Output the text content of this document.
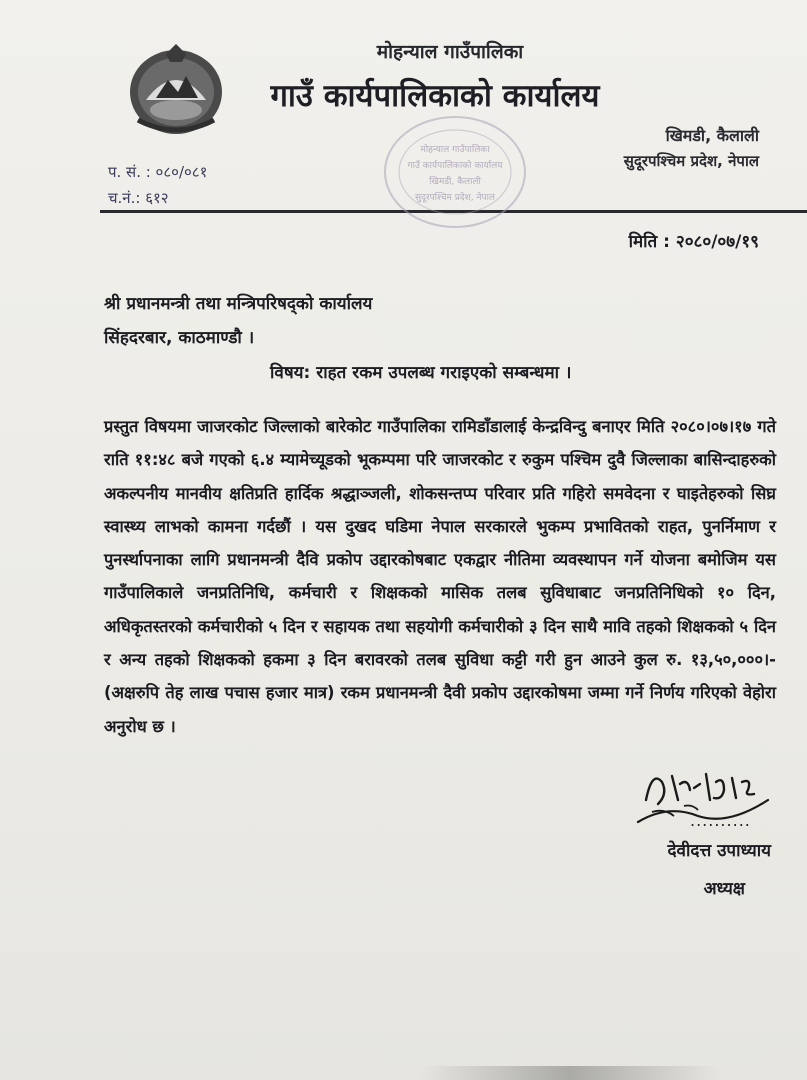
मोहन्याल गाउँपालिका
गाउँ कार्यपालिकाको कार्यालय
खिमडी, कैलाली
सुदूरपश्चिम प्रदेश, नेपाल
प. सं. : ०८०/०८१
च.नं.: ६१२
मोहन्याल गाउँपालिका
गाउँ कार्यपालिकाको कार्यालय
खिमडी, कैलाली
सुदूरपश्चिम प्रदेश, नेपाल
मिति : २०८०/०७/१९
श्री प्रधानमन्त्री तथा मन्त्रिपरिषद्को कार्यालय
सिंहदरबार, काठमाण्डौ ।
विषय: राहत रकम उपलब्ध गराइएको सम्बन्धमा ।
प्रस्तुत विषयमा जाजरकोट जिल्लाको बारेकोट गाउँपालिका रामिडाँडालाई केन्द्रविन्दु बनाएर मिति २०८०।०७।१७ गते राति ११:४८ बजे गएको ६.४ म्यामेच्यूडको भूकम्पमा परि जाजरकोट र रुकुम पश्चिम दुवै जिल्लाका बासिन्दाहरुको अकल्पनीय मानवीय क्षतिप्रति हार्दिक श्रद्धाञ्जली, शोकसन्तप्प परिवार प्रति गहिरो समवेदना र घाइतेहरुको सिघ्र स्वास्थ्य लाभको कामना गर्दछौं । यस दुखद घडिमा नेपाल सरकारले भुकम्प प्रभावितको राहत, पुनर्निमाण र पुनर्स्थापनाका लागि प्रधानमन्त्री दैवि प्रकोप उद्दारकोषबाट एकद्वार नीतिमा व्यवस्थापन गर्ने योजना बमोजिम यस गाउँपालिकाले जनप्रतिनिधि, कर्मचारी र शिक्षकको मासिक तलब सुविधाबाट जनप्रतिनिधिको १० दिन, अधिकृतस्तरको कर्मचारीको ५ दिन र सहायक तथा सहयोगी कर्मचारीको ३ दिन साथै मावि तहको शिक्षकको ५ दिन र अन्य तहको शिक्षकको हकमा ३ दिन बरावरको तलब सुविधा कट्टी गरी हुन आउने कुल रु. १३,५०,०००।-(अक्षरुपि तेह लाख पचास हजार मात्र) रकम प्रधानमन्त्री दैवी प्रकोप उद्दारकोषमा जम्मा गर्ने निर्णय गरिएको वेहोरा अनुरोध छ ।
..........
देवीदत्त उपाध्याय
अध्यक्ष
